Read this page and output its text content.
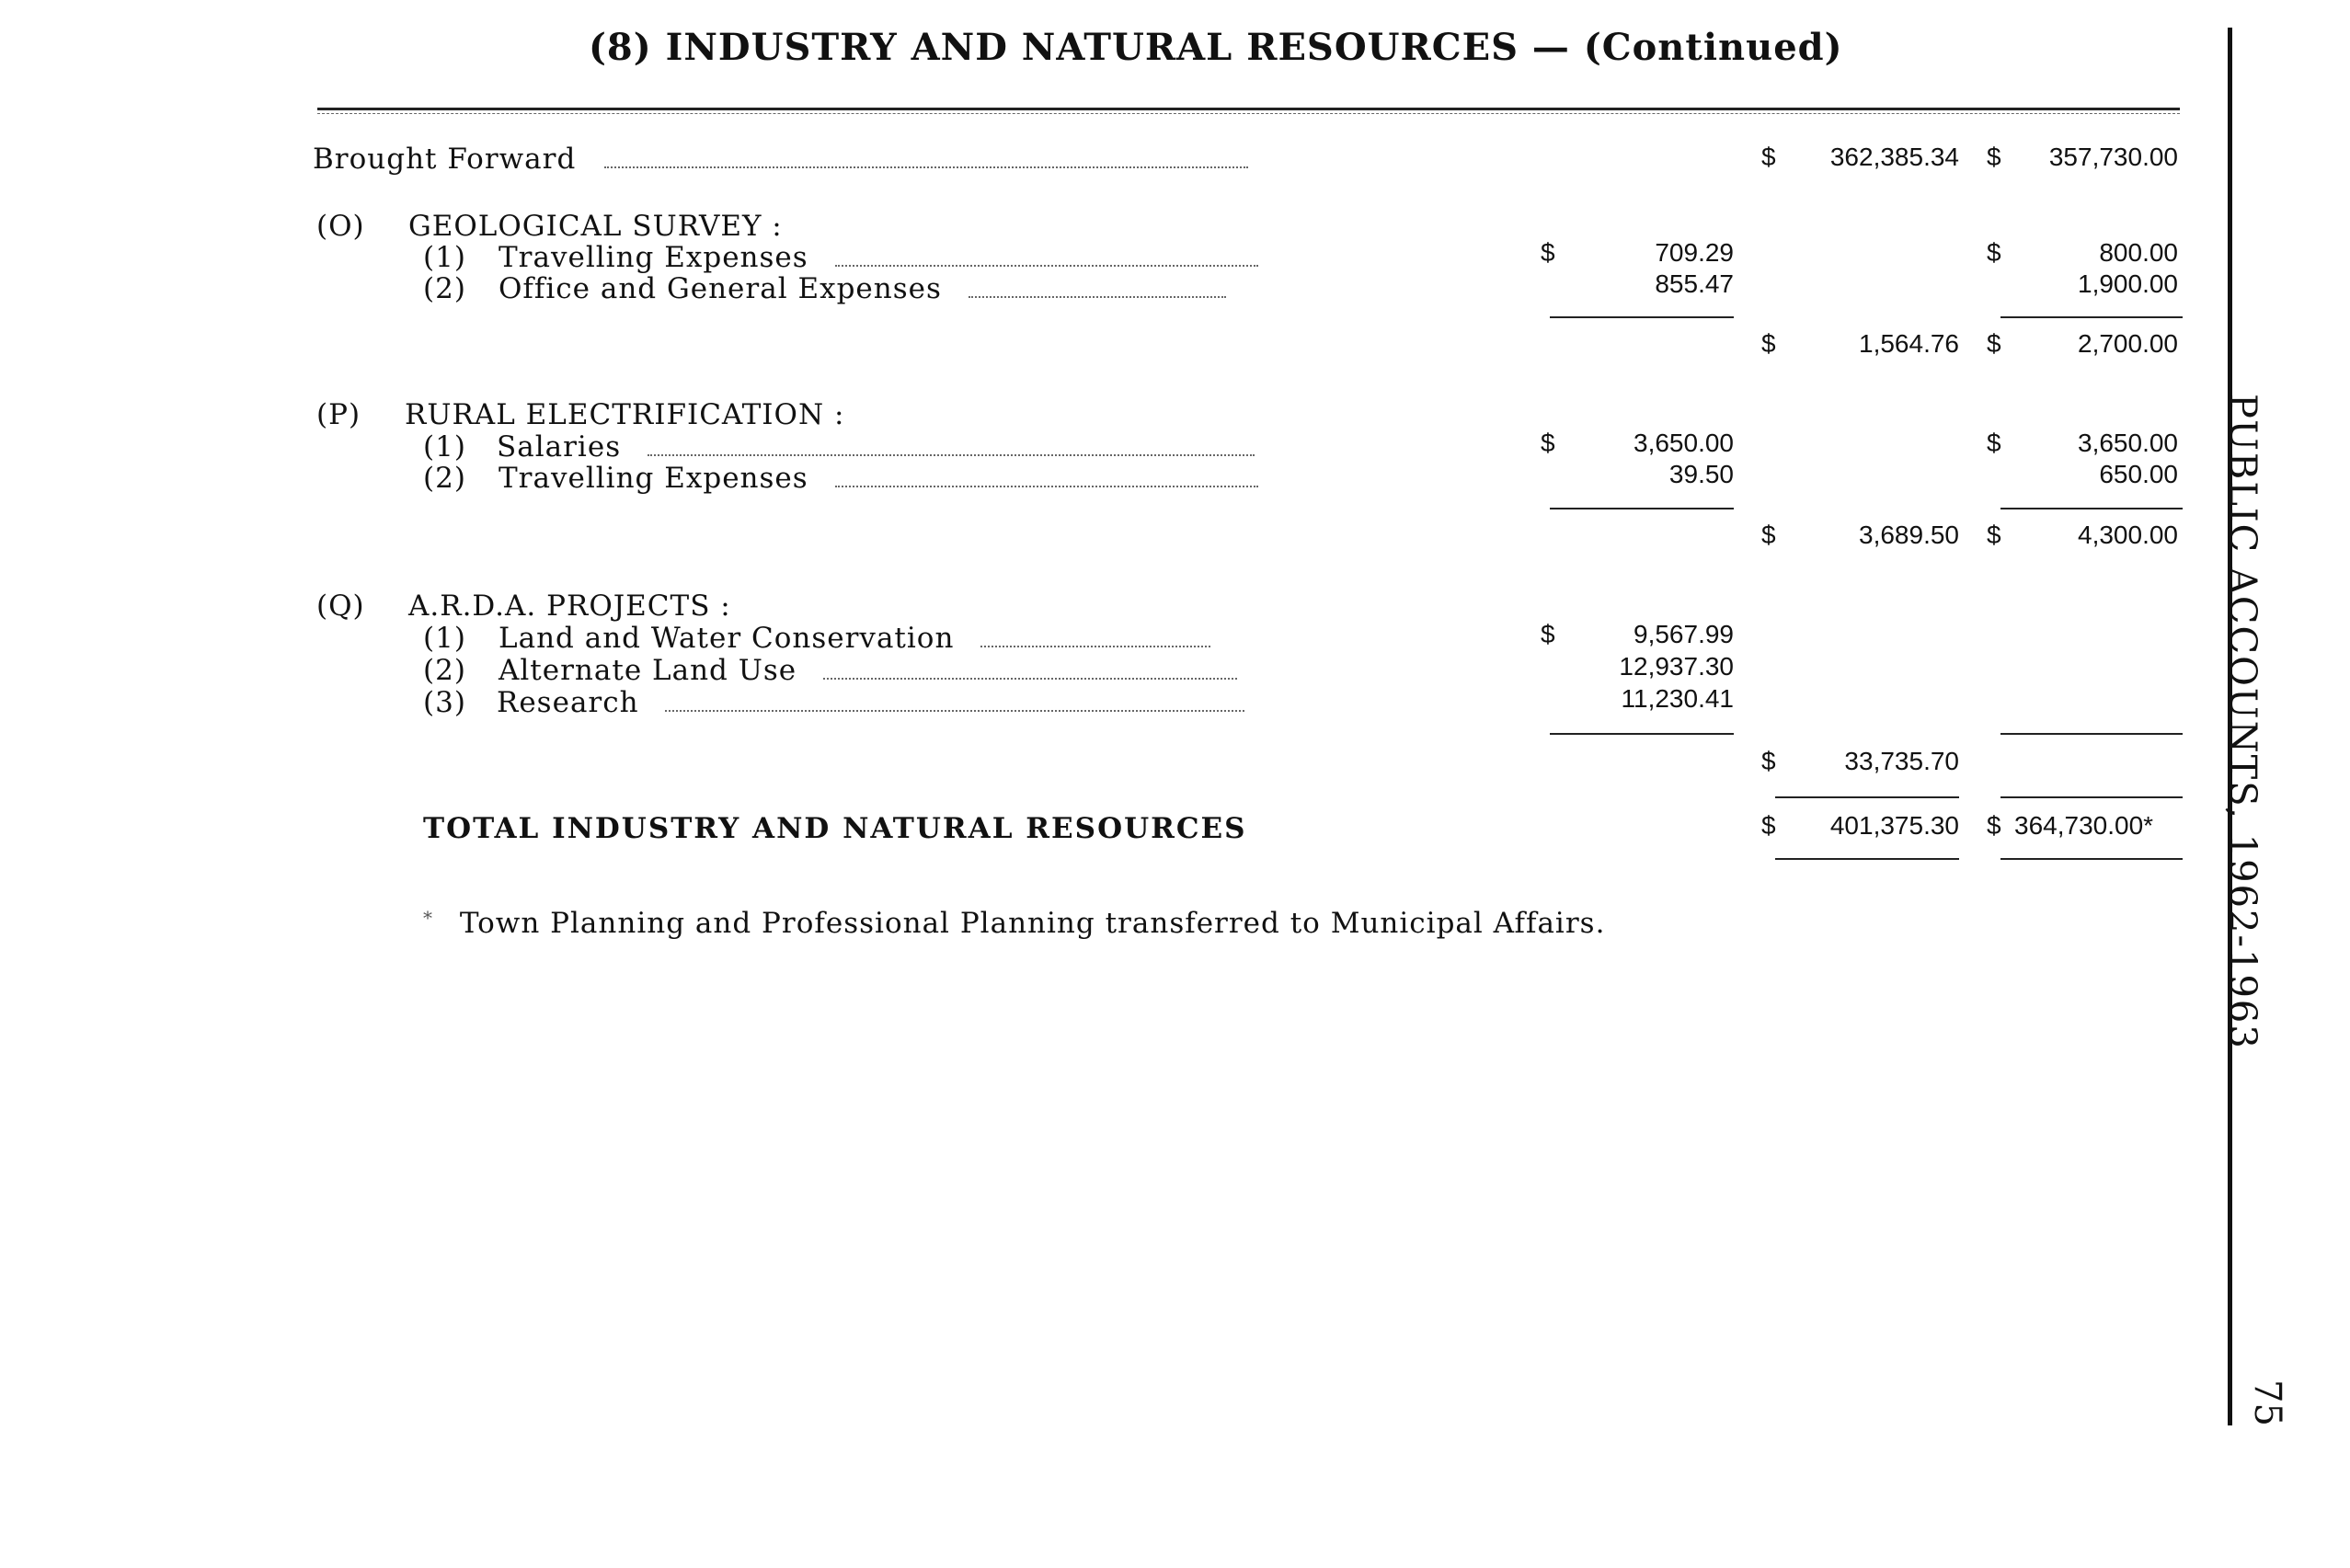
(8) INDUSTRY AND NATURAL RESOURCES — (Continued)
Brought Forward	$	362,385.34 $	357,730.00
(O) GEOLOGICAL SURVEY :
(1) Travelling Expenses	$	709.29	$	800.00
(2) Office and General Expenses	855.47	1,900.00
$	1,564.76 $	2,700.00
(P) RURAL ELECTRIFICATION :
(1) Salaries	$	3,650.00	$	3,650.00
(2) Travelling Expenses	39.50	650.00
$	3,689.50 $	4,300.00
(Q) A.R.D.A. PROJECTS :
(1) Land and Water Conservation	$	9,567.99
(2) Alternate Land Use	12,937.30
(3) Research	11,230.41
$	33,735.70
TOTAL INDUSTRY AND NATURAL RESOURCES	$	401,375.30 $ 364,730.00*
* Town Planning and Professional Planning transferred to Municipal Affairs.	PUBLIC ACCOUNTS, 1962-1963
75
